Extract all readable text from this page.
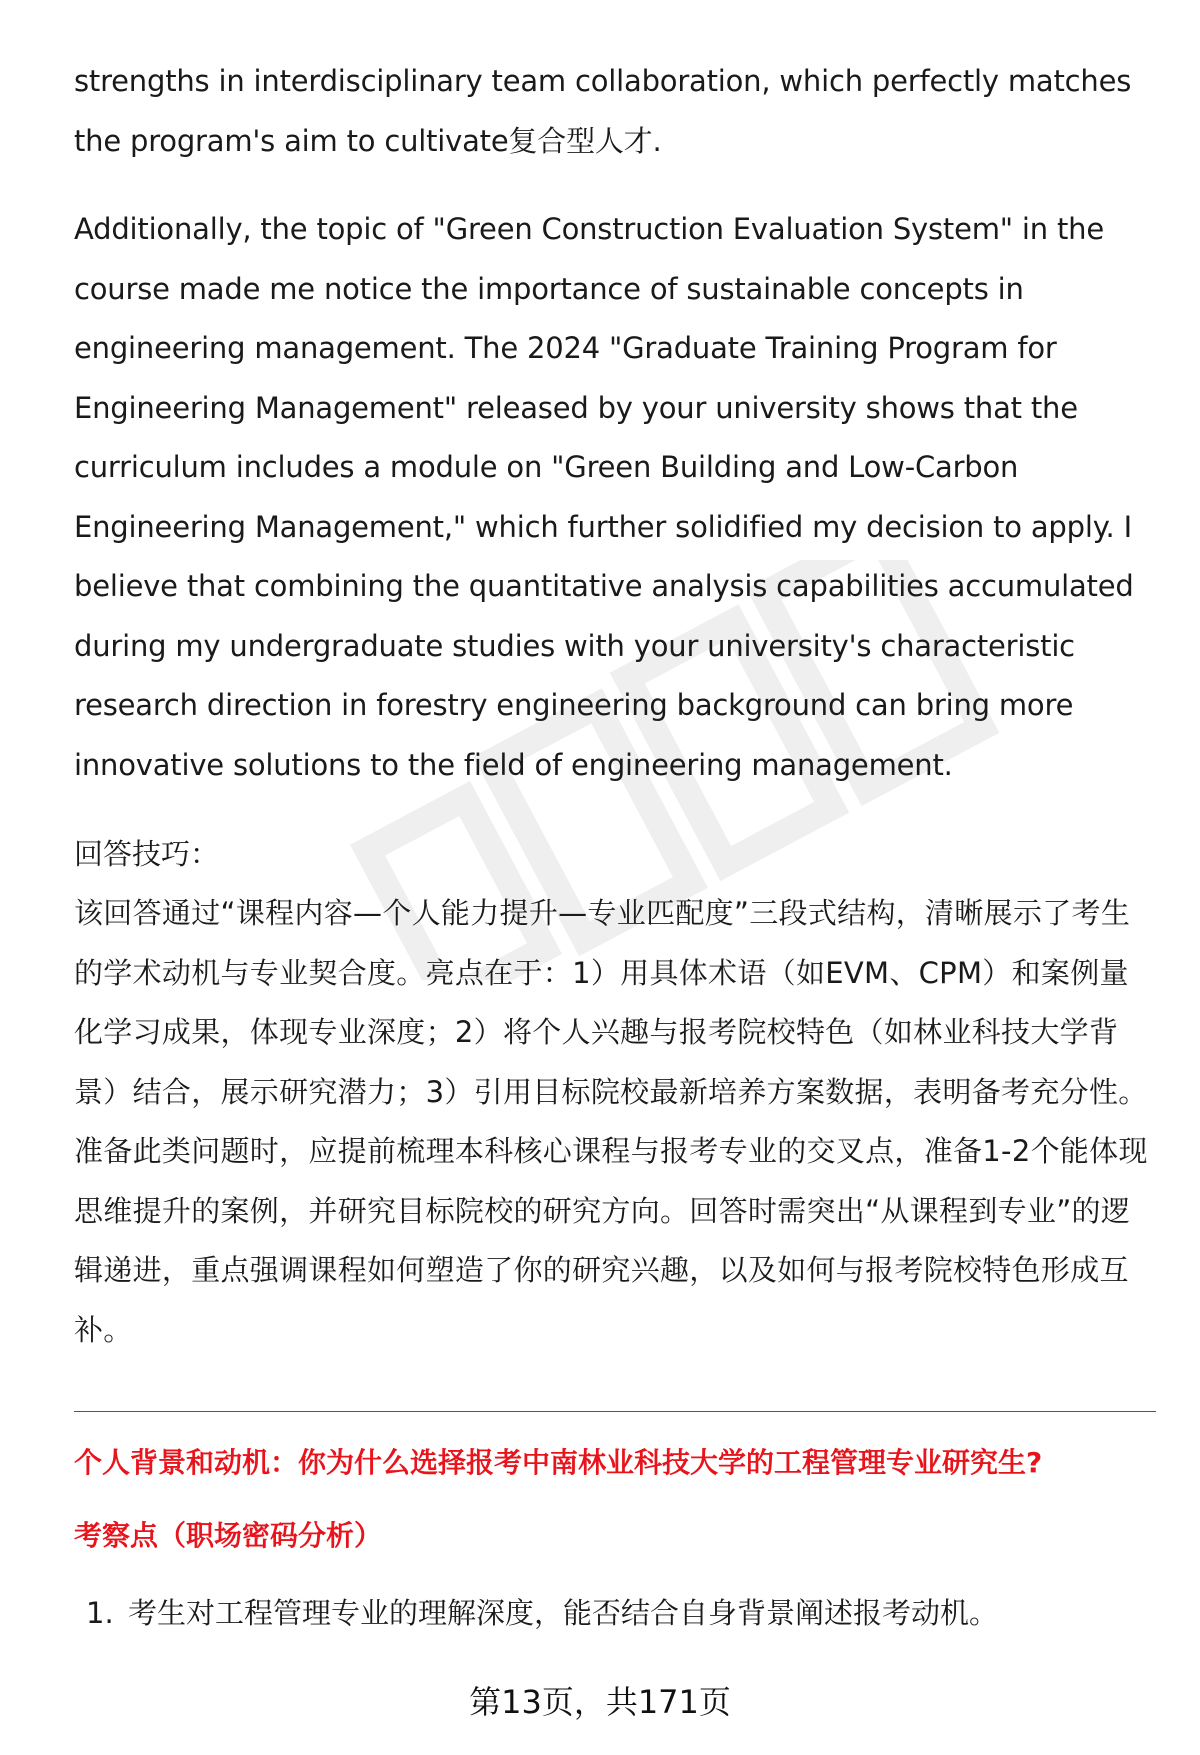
strengths in interdisciplinary team collaboration, which perfectly matches the program's aim to cultivate复合型人才.

Additionally, the topic of "Green Construction Evaluation System" in the course made me notice the importance of sustainable concepts in engineering management. The 2024 "Graduate Training Program for Engineering Management" released by your university shows that the curriculum includes a module on "Green Building and Low-Carbon Engineering Management," which further solidified my decision to apply. I believe that combining the quantitative analysis capabilities accumulated during my undergraduate studies with your university's characteristic research direction in forestry engineering background can bring more innovative solutions to the field of engineering management.

回答技巧：

该回答通过“课程内容—个人能力提升—专业匹配度”三段式结构，清晰展示了考生的学术动机与专业契合度。亮点在于：1）用具体术语（如EVM、CPM）和案例量化学习成果，体现专业深度；2）将个人兴趣与报考院校特色（如林业科技大学背景）结合，展示研究潜力；3）引用目标院校最新培养方案数据，表明备考充分性。准备此类问题时，应提前梳理本科核心课程与报考专业的交叉点，准备1-2个能体现思维提升的案例，并研究目标院校的研究方向。回答时需突出“从课程到专业”的逻辑递进，重点强调课程如何塑造了你的研究兴趣，以及如何与报考院校特色形成互补。

个人背景和动机：你为什么选择报考中南林业科技大学的工程管理专业研究生?

考察点（职场密码分析）

1. 考生对工程管理专业的理解深度，能否结合自身背景阐述报考动机。
第13页，共171页
